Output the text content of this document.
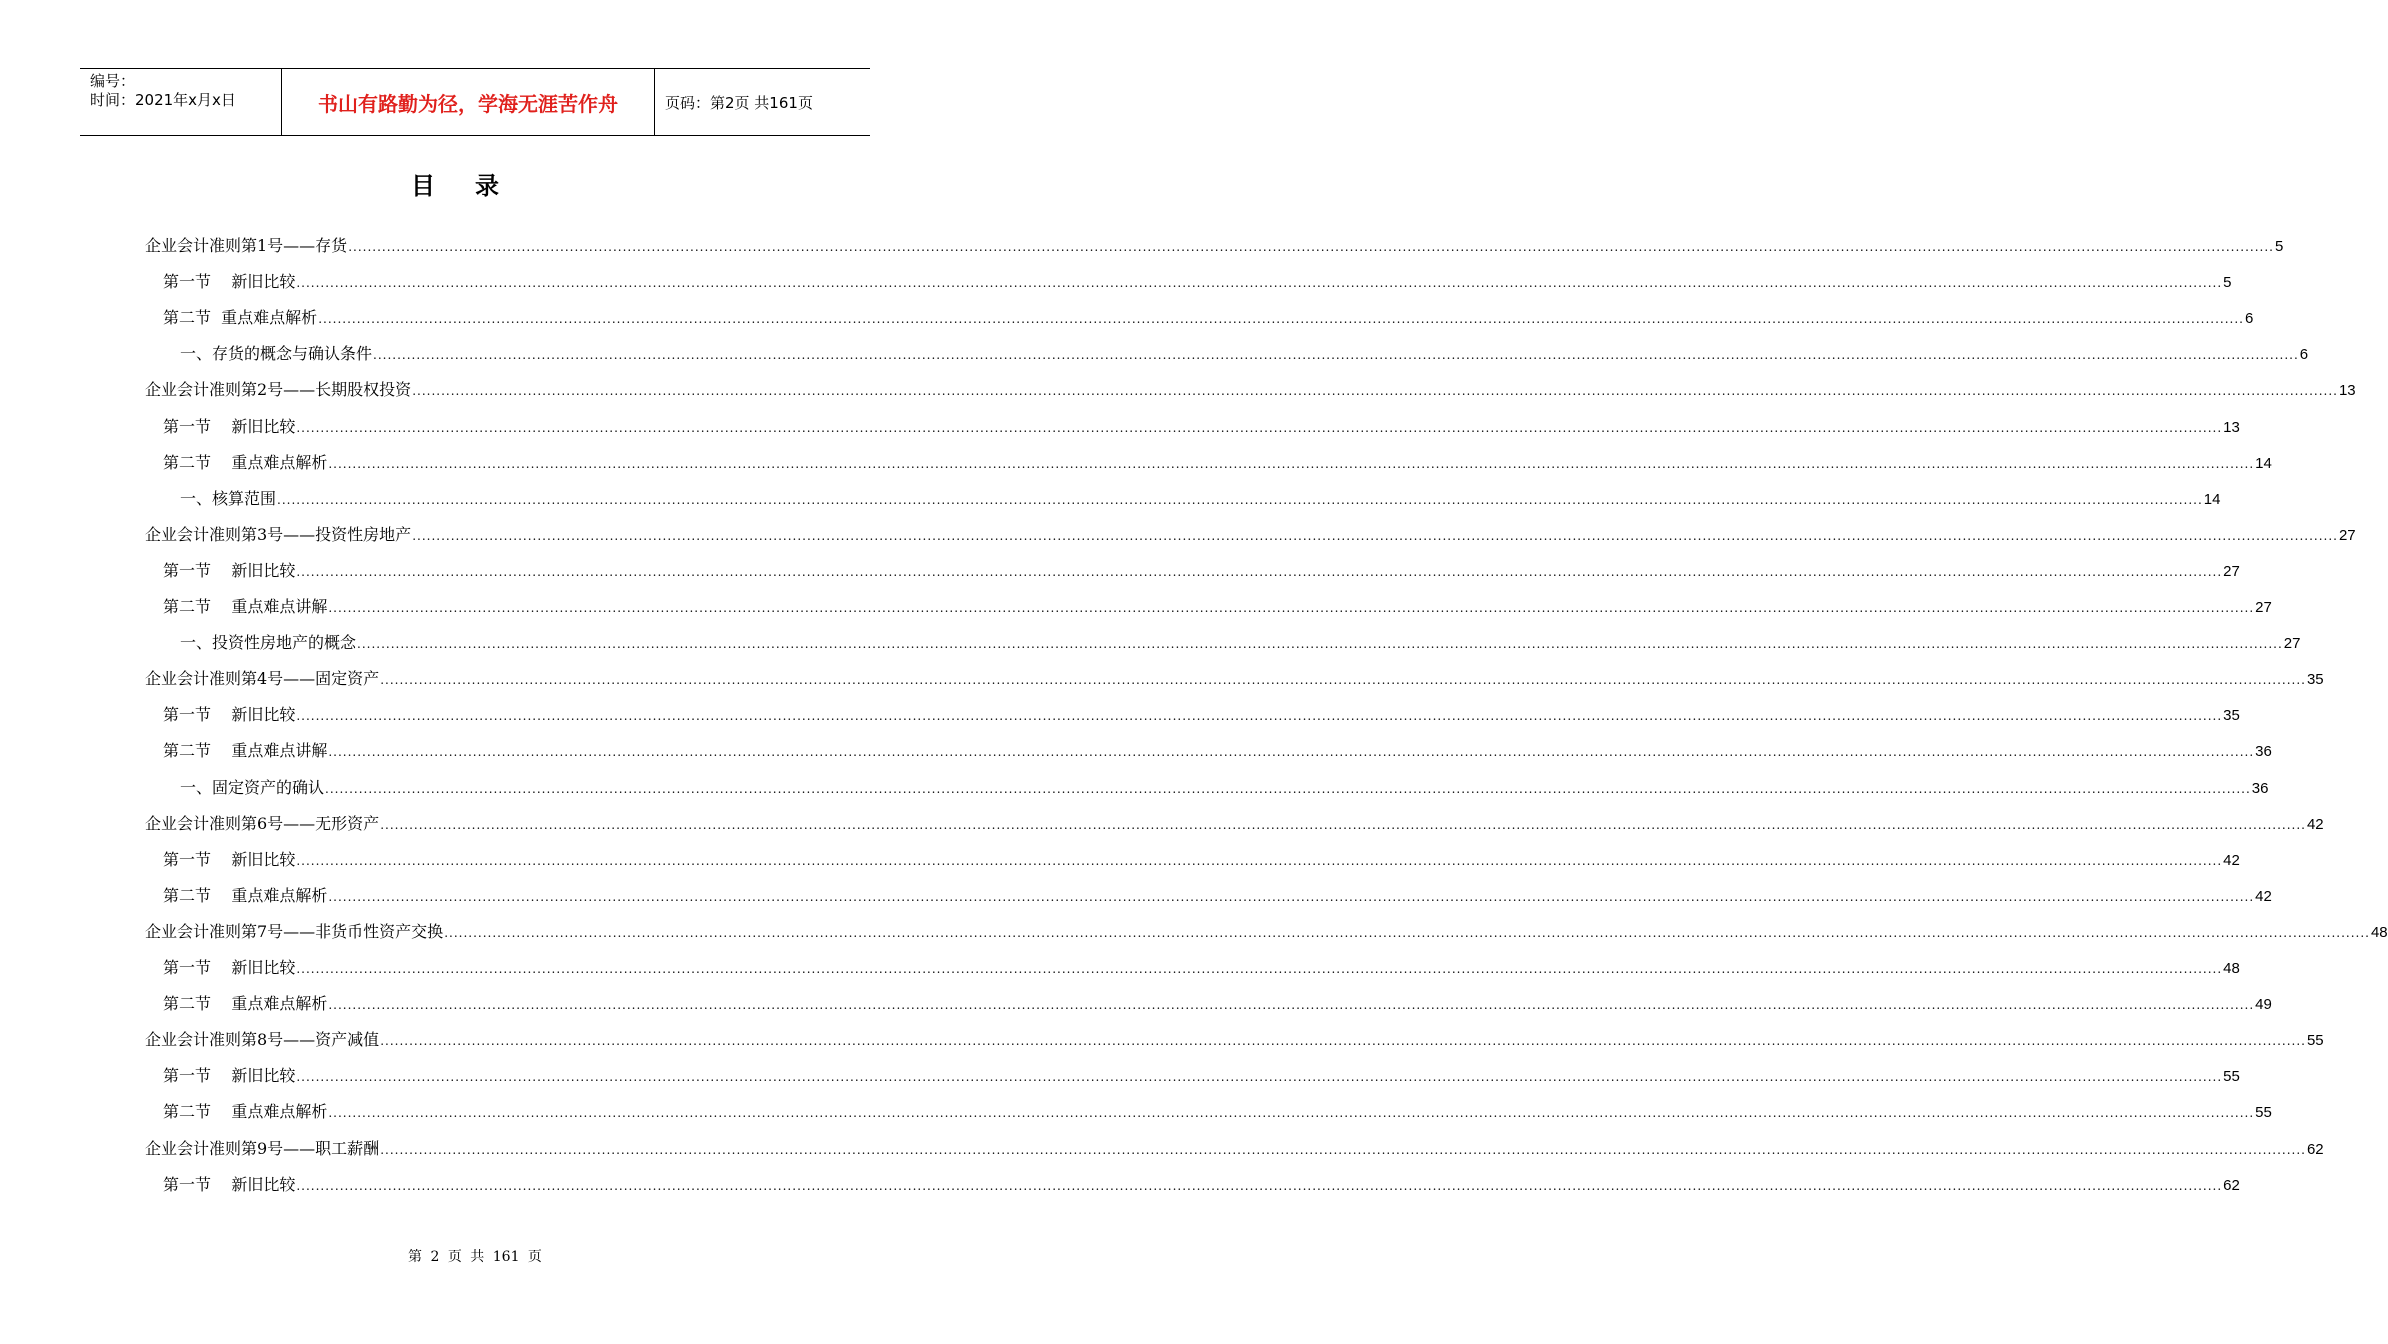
编号：
时间：2021年x月x日	书山有路勤为径，学海无涯苦作舟	页码：第2页 共161页
目录
企业会计准则第1号——存货 ................................................................................................................................................................................................................................................................................................................................................................................................................ 5
第一节    新旧比较 ................................................................................................................................................................................................................................................................................................................................................................................................................ 5
第二节  重点难点解析 ................................................................................................................................................................................................................................................................................................................................................................................................................ 6
一、存货的概念与确认条件 ................................................................................................................................................................................................................................................................................................................................................................................................................ 6
企业会计准则第2号——长期股权投资 ................................................................................................................................................................................................................................................................................................................................................................................................................ 13
第一节    新旧比较 ................................................................................................................................................................................................................................................................................................................................................................................................................ 13
第二节    重点难点解析 ................................................................................................................................................................................................................................................................................................................................................................................................................ 14
一、核算范围 ................................................................................................................................................................................................................................................................................................................................................................................................................ 14
企业会计准则第3号——投资性房地产 ................................................................................................................................................................................................................................................................................................................................................................................................................ 27
第一节    新旧比较 ................................................................................................................................................................................................................................................................................................................................................................................................................ 27
第二节    重点难点讲解 ................................................................................................................................................................................................................................................................................................................................................................................................................ 27
一、投资性房地产的概念 ................................................................................................................................................................................................................................................................................................................................................................................................................ 27
企业会计准则第4号——固定资产 ................................................................................................................................................................................................................................................................................................................................................................................................................ 35
第一节    新旧比较 ................................................................................................................................................................................................................................................................................................................................................................................................................ 35
第二节    重点难点讲解 ................................................................................................................................................................................................................................................................................................................................................................................................................ 36
一、固定资产的确认 ................................................................................................................................................................................................................................................................................................................................................................................................................ 36
企业会计准则第6号——无形资产 ................................................................................................................................................................................................................................................................................................................................................................................................................ 42
第一节    新旧比较 ................................................................................................................................................................................................................................................................................................................................................................................................................ 42
第二节    重点难点解析 ................................................................................................................................................................................................................................................................................................................................................................................................................ 42
企业会计准则第7号——非货币性资产交换 ................................................................................................................................................................................................................................................................................................................................................................................................................ 48
第一节    新旧比较 ................................................................................................................................................................................................................................................................................................................................................................................................................ 48
第二节    重点难点解析 ................................................................................................................................................................................................................................................................................................................................................................................................................ 49
企业会计准则第8号——资产减值 ................................................................................................................................................................................................................................................................................................................................................................................................................ 55
第一节    新旧比较 ................................................................................................................................................................................................................................................................................................................................................................................................................ 55
第二节    重点难点解析 ................................................................................................................................................................................................................................................................................................................................................................................................................ 55
企业会计准则第9号——职工薪酬 ................................................................................................................................................................................................................................................................................................................................................................................................................ 62
第一节    新旧比较 ................................................................................................................................................................................................................................................................................................................................................................................................................ 62
第 2 页 共 161 页
